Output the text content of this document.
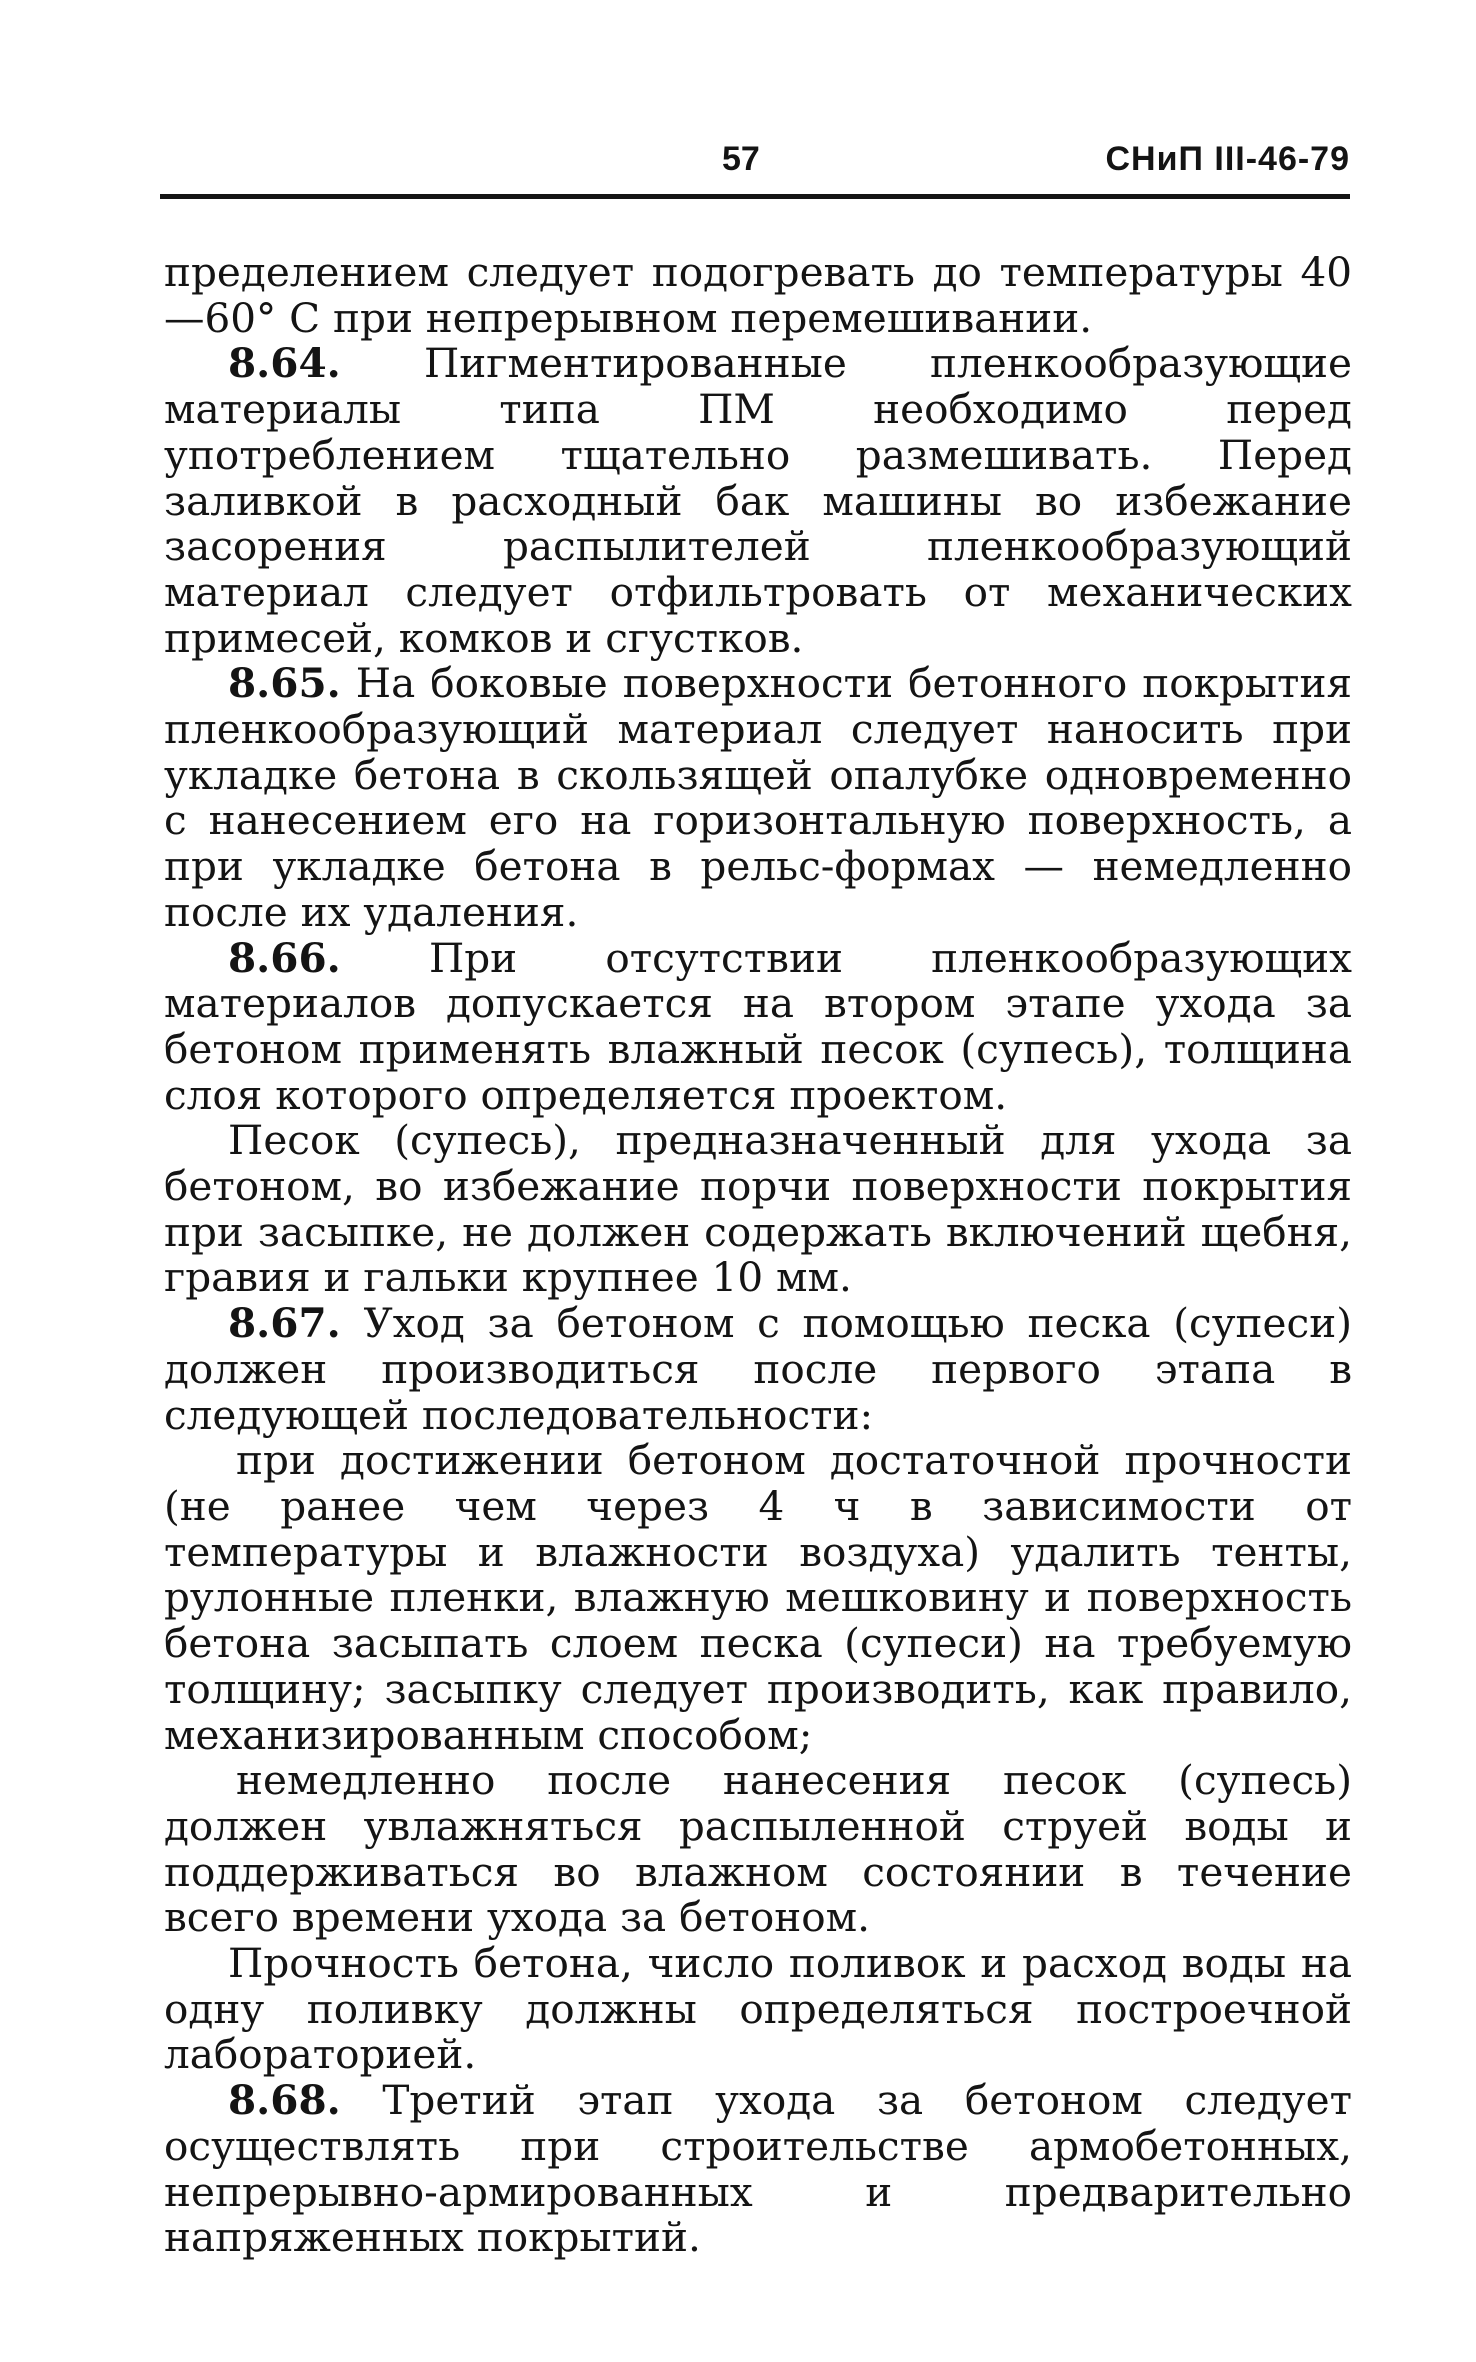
57	СНиП III-46-79

пределением следует подогревать до температуры 40—60° С при непрерывном перемешивании.

8.64. Пигментированные пленкообразующие материалы типа ПМ необходимо перед употреблением тщательно размешивать. Перед заливкой в расходный бак машины во избежание засорения распылителей пленкообразующий материал следует отфильтровать от механических примесей, комков и сгустков.

8.65. На боковые поверхности бетонного покрытия пленкообразующий материал следует наносить при укладке бетона в скользящей опалубке одновременно с нанесением его на горизонтальную поверхность, а при укладке бетона в рельс-формах — немедленно после их удаления.

8.66. При отсутствии пленкообразующих материалов допускается на втором этапе ухода за бетоном применять влажный песок (супесь), толщина слоя которого определяется проектом.

Песок (супесь), предназначенный для ухода за бетоном, во избежание порчи поверхности покрытия при засыпке, не должен содержать включений щебня, гравия и гальки крупнее 10 мм.

8.67. Уход за бетоном с помощью песка (супеси) должен производиться после первого этапа в следующей последовательности:

при достижении бетоном достаточной прочности (не ранее чем через 4 ч в зависимости от температуры и влажности воздуха) удалить тенты, рулонные пленки, влажную мешковину и поверхность бетона засыпать слоем песка (супеси) на требуемую толщину; засыпку следует производить, как правило, механизированным способом;

немедленно после нанесения песок (супесь) должен увлажняться распыленной струей воды и поддерживаться во влажном состоянии в течение всего времени ухода за бетоном.

Прочность бетона, число поливок и расход воды на одну поливку должны определяться построечной лабораторией.

8.68. Третий этап ухода за бетоном следует осуществлять при строительстве армобетонных, непрерывно-армированных и предварительно напряженных покрытий.
